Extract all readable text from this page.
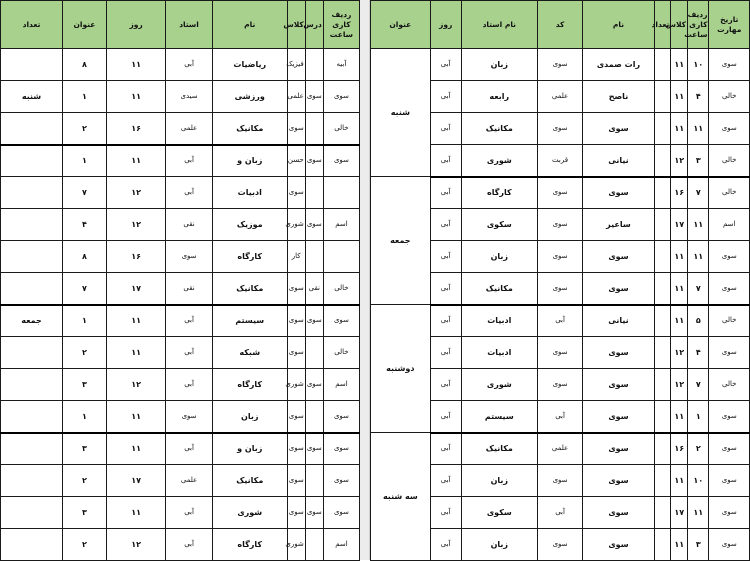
ردیف کاری ساعت	درس	کلاس	نام	استاد	روز	عنوان	تعداد
آبیه		فیزیک	ریاضیات	آبی	۱۱	۸	
سوی	سوی	علمی	ورزشی	سیدی	۱۱	۱	شنبه
خالی		سوی	مکانیک	علمی	۱۶	۲	
سوی	سوی	حسن	زبان و	آبی	۱۱	۱	
		سوی	ادبیات	آبی	۱۲	۷	
اسم	سوی	شوری	موزیک	نقی	۱۲	۴	
		کار	کارگاه	سوی	۱۶	۸	
خالی	نقی	سوی	مکانیک	نقی	۱۷	۷	
سوی	سوی	سوی	سیستم	آبی	۱۱	۱	جمعه
خالی		سوی	شبکه	آبی	۱۱	۲	
اسم	سوی	شوری	کارگاه	آبی	۱۲	۳	
سوی		سوی	زبان	سوی	۱۱	۱	
سوی	سوی	سوی	زبان و	آبی	۱۱	۳	
سوی		سوی	مکانیک	علمی	۱۷	۲	
سوی	سوی	سوی	شوری	آبی	۱۱	۳	
اسم		شوری	کارگاه	آبی	۱۲	۲	
تاریخ مهارت	ردیف کاری ساعت	کلاس	تعداد	نام	کد	نام استاد	روز	عنوان
سوی	۱۰	۱۱		رات صمدی	سوی	زبان	آبی	شنبه
خالی	۴	۱۱		ناصح	علمی	رابعه	آبی	
سوی	۱۱	۱۱		سوی	سوی	مکانیک	آبی	
خالی	۳	۱۲		نیانی	قربت	شوری	آبی	
خالی	۷	۱۶		سوی	سوی	کارگاه	آبی	جمعه
اسم	۱۱	۱۷		ساعیر	سوی	سکوی	آبی	
سوی	۱۱	۱۱		سوی	سوی	زبان	آبی	
سوی	۷	۱۱		سوی	سوی	مکانیک	آبی	
خالی	۵	۱۱		نیانی	آبی	ادبیات	آبی	دوشنبه
سوی	۴	۱۲		سوی	سوی	ادبیات	آبی	
خالی	۷	۱۲		سوی	سوی	شوری	آبی	
سوی	۱	۱۱		سوی	آبی	سیستم	آبی	
سوی	۲	۱۶		سوی	علمی	مکانیک	آبی	سه شنبه
سوی	۱۰	۱۱		سوی	سوی	زبان	آبی	
سوی	۱۱	۱۷		سوی	آبی	سکوی	آبی	
سوی	۳	۱۱		سوی	سوی	زبان	آبی	
